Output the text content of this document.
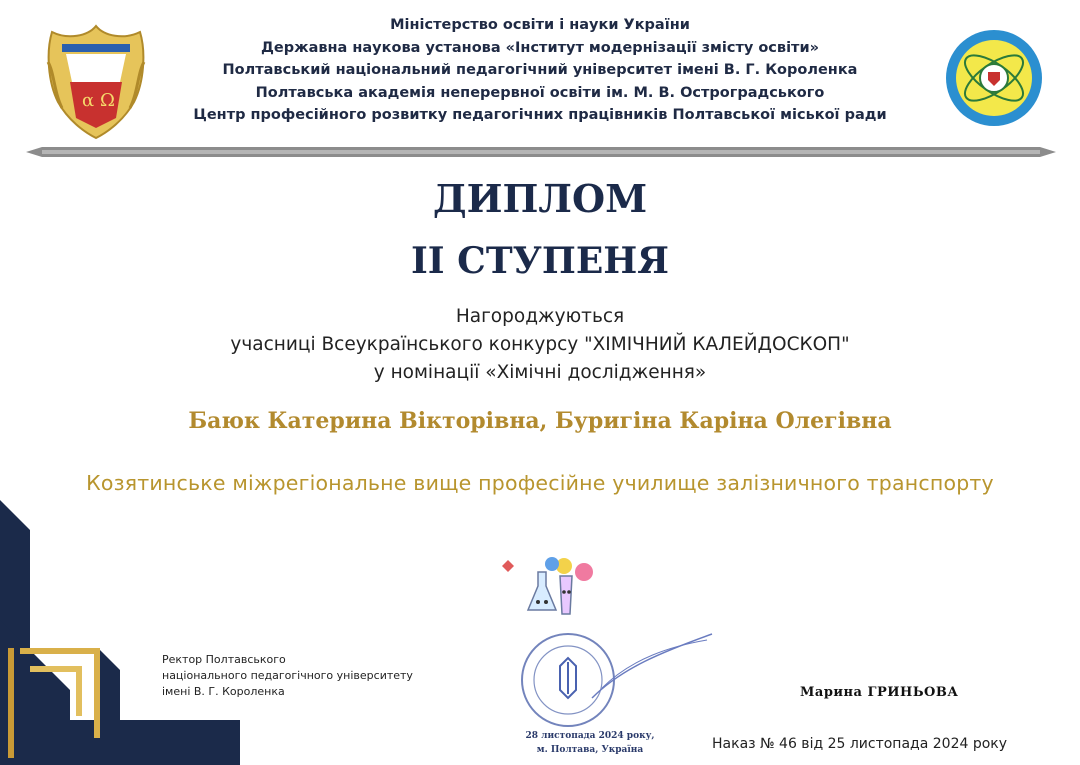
α Ω
Міністерство освіти і науки України
Державна наукова установа «Інститут модернізації змісту освіти»
Полтавський національний педагогічний університет імені В. Г. Короленка
Полтавська академія неперервної освіти ім. М. В. Остроградського
Центр професійного розвитку педагогічних працівників Полтавської міської ради
ДИПЛОМ
ІІ СТУПЕНЯ
Нагороджуються
учасниці Всеукраїнського конкурсу "ХІМІЧНИЙ КАЛЕЙДОСКОП"
у номінації «Хімічні дослідження»
Баюк Катерина Вікторівна, Буригіна Каріна Олегівна
Козятинське міжрегіональне вище професійне училище залізничного транспорту
28 листопада 2024 року,
м. Полтава, Україна
Ректор Полтавського
національного педагогічного університету
імені В. Г. Короленка	Марина ГРИНЬОВА
Наказ № 46 від 25 листопада 2024 року
